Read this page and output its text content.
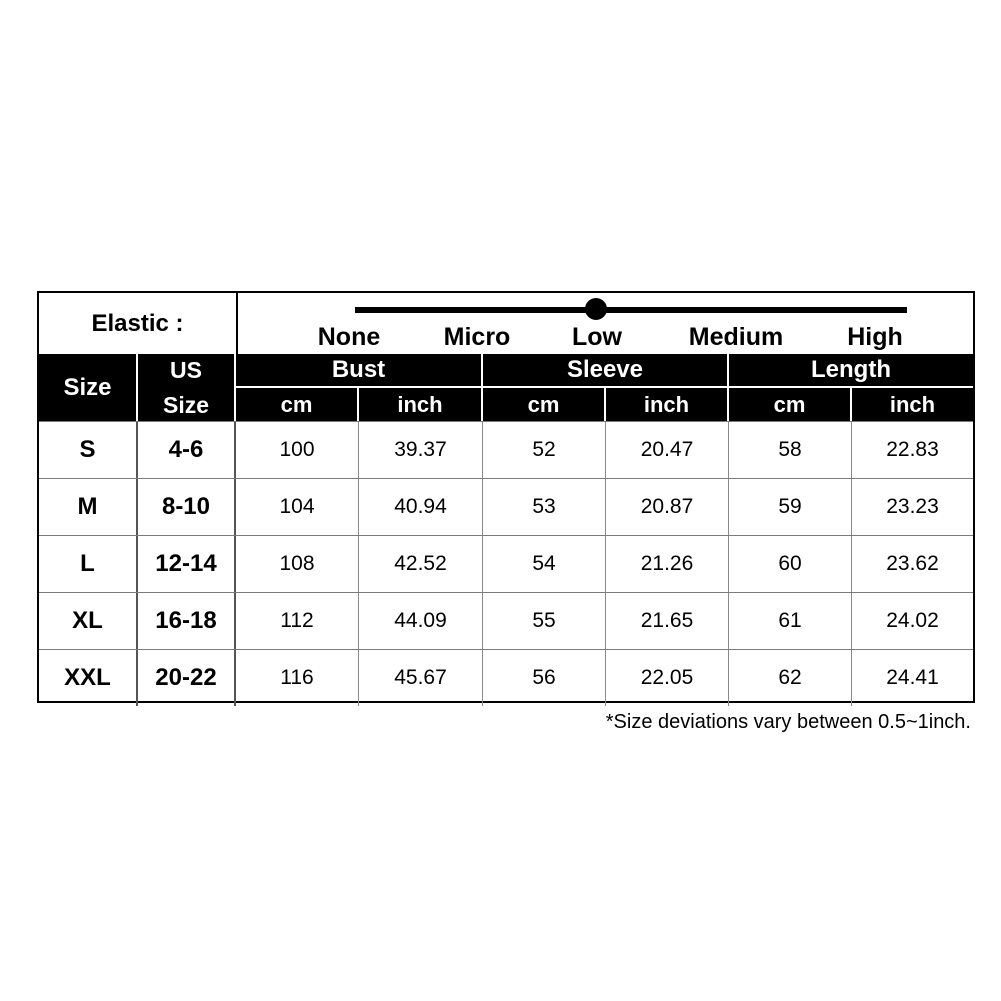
Elastic :	None	Micro Low	Medium	High
Size
US
Size
Bust	Sleeve	Length
cm	inch	cm	inch	cm	inch
S	4-6	100	39.37	52	20.47	58	22.83
M	8-10	104	40.94	53	20.87	59	23.23
L	12-14	108	42.52	54	21.26	60	23.62
XL	16-18	112	44.09	55	21.65	61	24.02
XXL	20-22	116	45.67	56	22.05	62	24.41
*Size deviations vary between 0.5~1inch.
